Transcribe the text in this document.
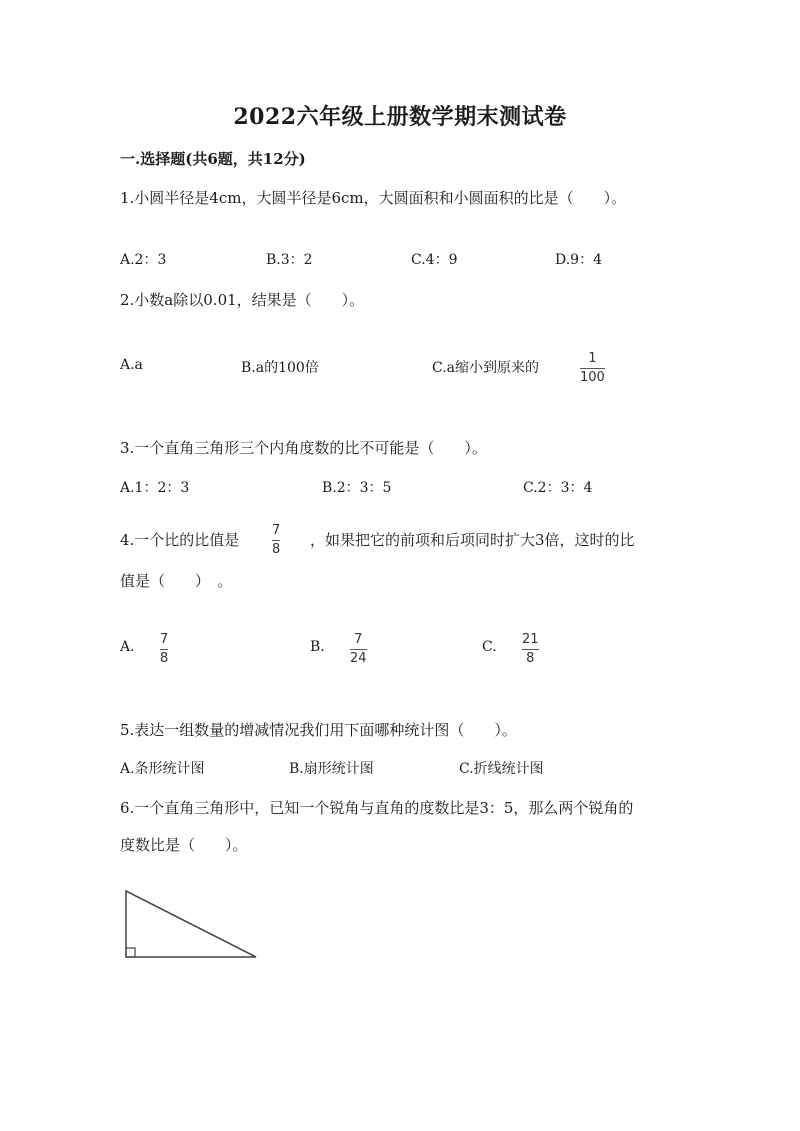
2022六年级上册数学期末测试卷
一.选择题(共6题，共12分)
1.小圆半径是4cm，大圆半径是6cm，大圆面积和小圆面积的比是（　　）。
A.2：3	B.3：2	C.4：9	D.9：4
2.小数a除以0.01，结果是（　　）。
A.a	B.a的100倍	C.a缩小到原来的
1
100
3.一个直角三角形三个内角度数的比不可能是（　　）。
A.1：2：3	B.2：3：5	C.2：3：4
4.一个比的比值是
7
8
，如果把它的前项和后项同时扩大3倍，这时的比
值是（　　）　。
A. 7
8
B. 7
24
C. 21
8
5.表达一组数量的增减情况我们用下面哪种统计图（　　）。
A.条形统计图	B.扇形统计图	C.折线统计图
6.一个直角三角形中，已知一个锐角与直角的度数比是3：5，那么两个锐角的
度数比是（　　）。
